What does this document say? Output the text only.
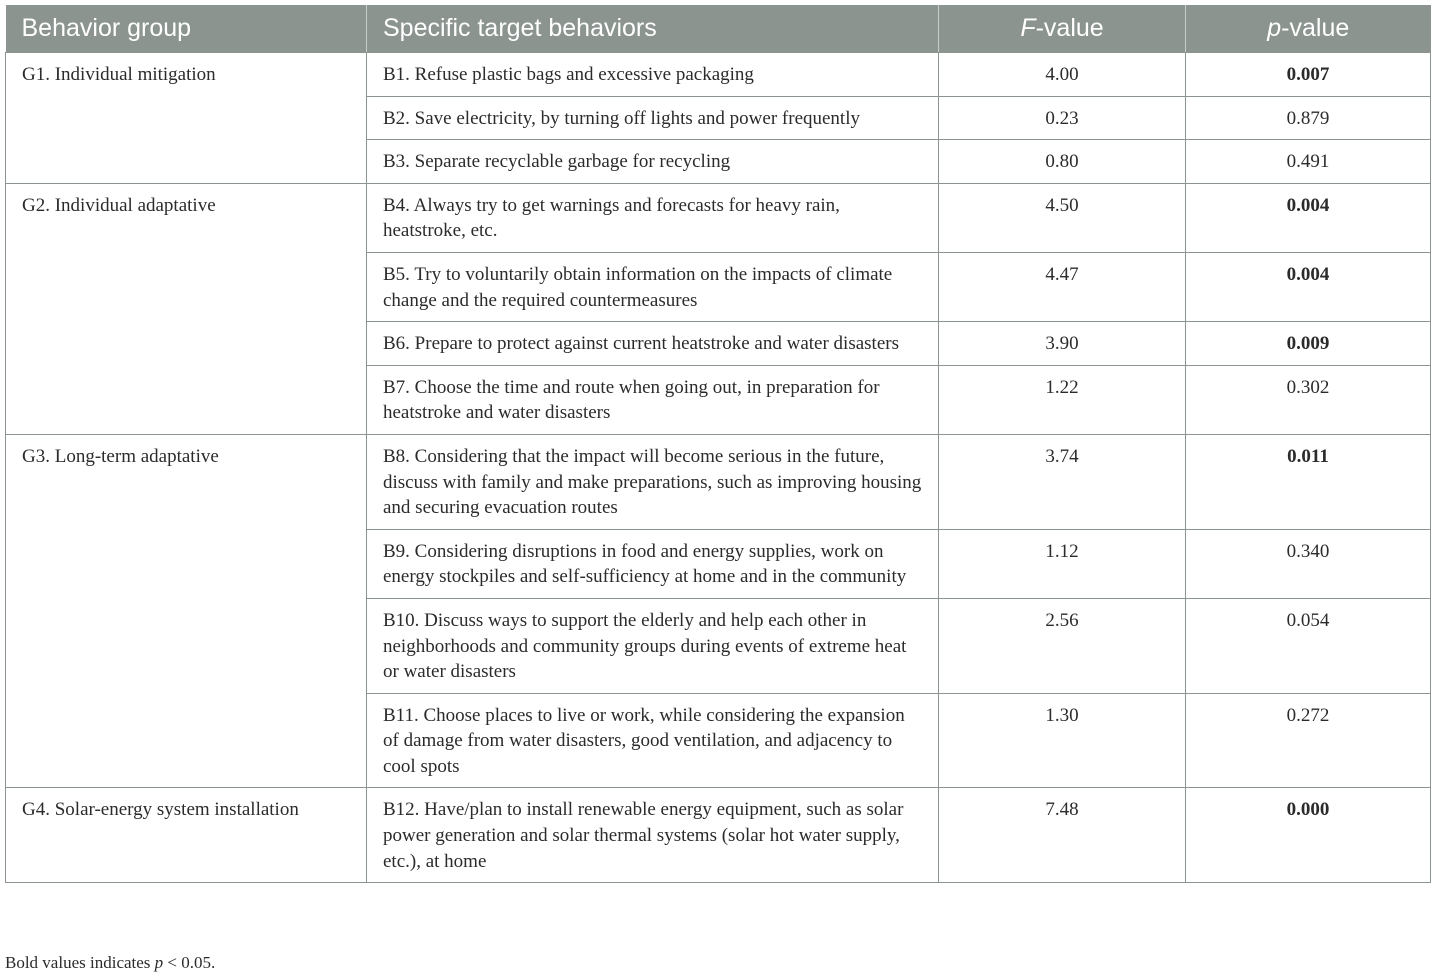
Behavior group	Specific target behaviors	F-value	p-value
G1. Individual mitigation	B1. Refuse plastic bags and excessive packaging	4.00	0.007
	B2. Save electricity, by turning off lights and power frequently	0.23	0.879
	B3. Separate recyclable garbage for recycling	0.80	0.491
G2. Individual adaptative	B4. Always try to get warnings and forecasts for heavy rain, heatstroke, etc.	4.50	0.004
	B5. Try to voluntarily obtain information on the impacts of climate change and the required countermeasures	4.47	0.004
	B6. Prepare to protect against current heatstroke and water disasters	3.90	0.009
	B7. Choose the time and route when going out, in preparation for heatstroke and water disasters	1.22	0.302
G3. Long-term adaptative	B8. Considering that the impact will become serious in the future, discuss with family and make preparations, such as improving housing and securing evacuation routes	3.74	0.011
	B9. Considering disruptions in food and energy supplies, work on energy stockpiles and self-sufficiency at home and in the community	1.12	0.340
	B10. Discuss ways to support the elderly and help each other in neighborhoods and community groups during events of extreme heat or water disasters	2.56	0.054
	B11. Choose places to live or work, while considering the expansion of damage from water disasters, good ventilation, and adjacency to cool spots	1.30	0.272
G4. Solar-energy system installation	B12. Have/plan to install renewable energy equipment, such as solar power generation and solar thermal systems (solar hot water supply, etc.), at home	7.48	0.000
Bold values indicates p < 0.05.
